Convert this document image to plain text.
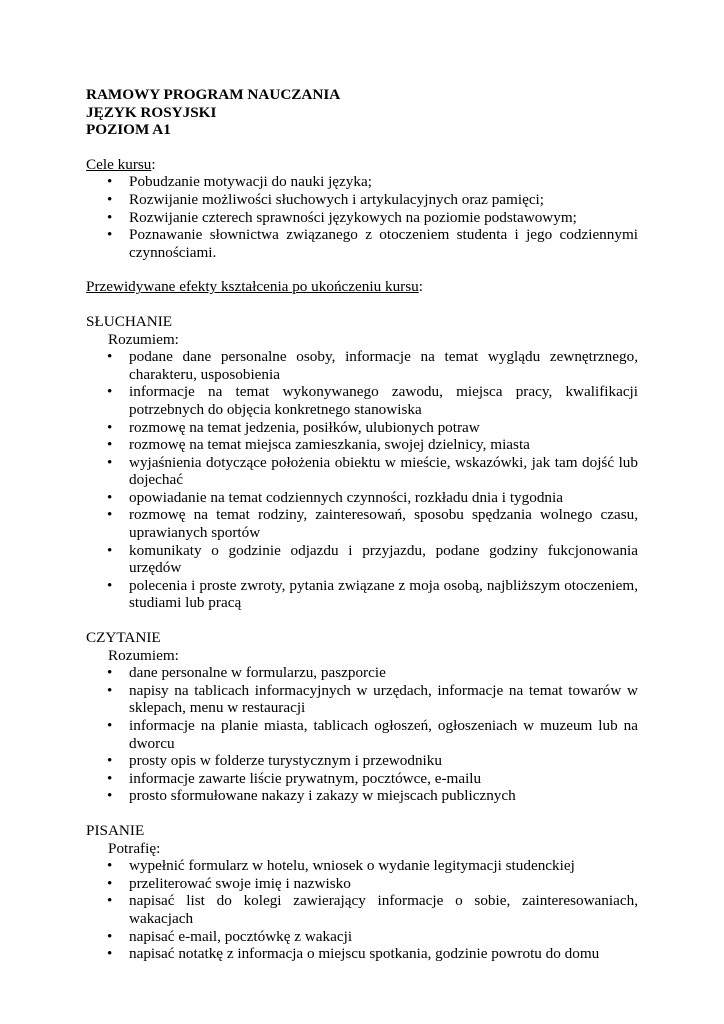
RAMOWY PROGRAM NAUCZANIA
JĘZYK ROSYJSKI
POZIOM A1

Cele kursu:

• Pobudzanie motywacji do nauki języka;
• Rozwijanie możliwości słuchowych i artykulacyjnych oraz pamięci;
• Rozwijanie czterech sprawności językowych na poziomie podstawowym;
• Poznawanie słownictwa związanego z otoczeniem studenta i jego codziennymi czynnościami.

Przewidywane efekty kształcenia po ukończeniu kursu:

SŁUCHANIE
Rozumiem:
• podane dane personalne osoby, informacje na temat wyglądu zewnętrznego, charakteru, usposobienia
• informacje na temat wykonywanego zawodu, miejsca pracy, kwalifikacji potrzebnych do objęcia konkretnego stanowiska
• rozmowę na temat jedzenia, posiłków, ulubionych potraw
• rozmowę na temat miejsca zamieszkania, swojej dzielnicy, miasta
• wyjaśnienia dotyczące położenia obiektu w mieście, wskazówki, jak tam dojść lub dojechać
• opowiadanie na temat codziennych czynności, rozkładu dnia i tygodnia
• rozmowę na temat rodziny, zainteresowań, sposobu spędzania wolnego czasu, uprawianych sportów
• komunikaty o godzinie odjazdu i przyjazdu, podane godziny fukcjonowania urzędów
• polecenia i proste zwroty, pytania związane z moja osobą, najbliższym otoczeniem, studiami lub pracą
CZYTANIE
Rozumiem:
• dane personalne w formularzu, paszporcie
• napisy na tablicach informacyjnych w urzędach, informacje na temat towarów w sklepach, menu w restauracji
• informacje na planie miasta, tablicach ogłoszeń, ogłoszeniach w muzeum lub na dworcu
• prosty opis w folderze turystycznym i przewodniku
• informacje zawarte liście prywatnym, pocztówce, e-mailu
• prosto sformułowane nakazy i zakazy w miejscach publicznych
PISANIE
Potrafię:
• wypełnić formularz w hotelu, wniosek o wydanie legitymacji studenckiej
• przeliterować swoje imię i nazwisko
• napisać list do kolegi zawierający informacje o sobie, zainteresowaniach, wakacjach
• napisać e-mail, pocztówkę z wakacji
• napisać notatkę z informacja o miejscu spotkania, godzinie powrotu do domu
